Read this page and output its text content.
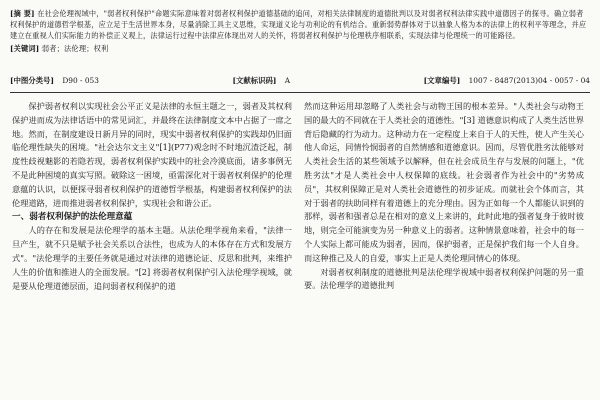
[摘 要] 在社会伦理视域中，"弱者权利保护"命题实际意味着对弱者权利保护道德基础的追问，对相关法律制度的道德批判以及对弱者权利法律实践中道德因子的探寻。确立弱者权利保护的道德哲学根基，应立足于生活世界本身，尽量消除工具主义思维，实现道义论与功利论的有机结合。重新弱势群体对于以抽象人格为本的法律上的权利平等理念，并应建立在重视人们实际能力的补偿正义观上，法律运行过程中法律应体现出对人的关怀，将弱者权利保护与伦理秩序相联系，实现法律与伦理统一的可能路径。
[关键词] 弱者；法伦理；权利
[中图分类号] D90 - 053	[文献标识码] A	[文章编号] 1007 - 8487(2013)04 - 0057 - 04

保护弱者权利以实现社会公平正义是法律的永恒主题之一，弱者及其权利保护进而成为法律话语中的常见词汇，并最终在法律制度文本中占据了一席之地。然而，在制度建设日新月异的同时，现实中弱者权利保护的实践却仍旧面临伦理性缺失的困境。"社会达尔文主义"[1](P77)观念时不时地沉渣泛起，制度性歧视魅影的若隐若现，弱者权利保护实践中的社会冷漠底面，诸多事例无不是此种困境的真实写照。破除这一困境，亟需深化对于弱者权利保护的伦理意蕴的认识，以便探寻弱者权利保护的道德哲学根基，构建弱者权利保护的法伦理道路，进而推进弱者权利保护，实现社会和谐公正。

一、弱者权利保护的法伦理意蕴

人的存在和发展是法伦理学的基本主题。从法伦理学视角来看，"法律一旦产生，就不只是赋予社会关系以合法性，也成为人的本体存在方式和发展方式"。"法伦理学的主要任务就是通过对法律的道德论证、反思和批判，来维护人生的价值和推进人的全面发展。"[2] 将弱者权利保护引入法伦理学视域，就是要从伦理道德层面，追问弱者权利保护的道

然而这种运用却忽略了人类社会与动物王国的根本差异。"人类社会与动物王国的最大的不同就在于人类社会的道德性。"[3] 道德意识构成了人类生活世界背后隐藏的行为动力。这种动力在一定程度上来自于人的天性，使人产生关心他人命运，同情怜悯弱者的自然情感和道德意识。因而，尽管优胜劣汰能够对人类社会生活的某些领域予以解释，但在社会成员生存与发展的问题上，"优胜劣汰"才是人类社会中人权保障的底线。社会弱者作为社会中的"劣势成员"，其权利保障正是对人类社会道德性的初步证成。而就社会个体而言，其对于弱者的扶助同样有着道德上的充分理由。因为正如每一个人都能认识到的那样，弱者和强者总是在相对的意义上来讲的，此时此地的强者复身于彼时彼地，则完全可能演变为另一种意义上的弱者。这种情景意味着，社会中的每一个人实际上都可能成为弱者，因而，保护弱者，正是保护我们每一个人自身。而这种推己及人的自爱，事实上正是人类伦理同情心的体现。

对弱者权利制度的道德批判是法伦理学视域中弱者权利保护问题的另一重要。法伦理学的道德批判
